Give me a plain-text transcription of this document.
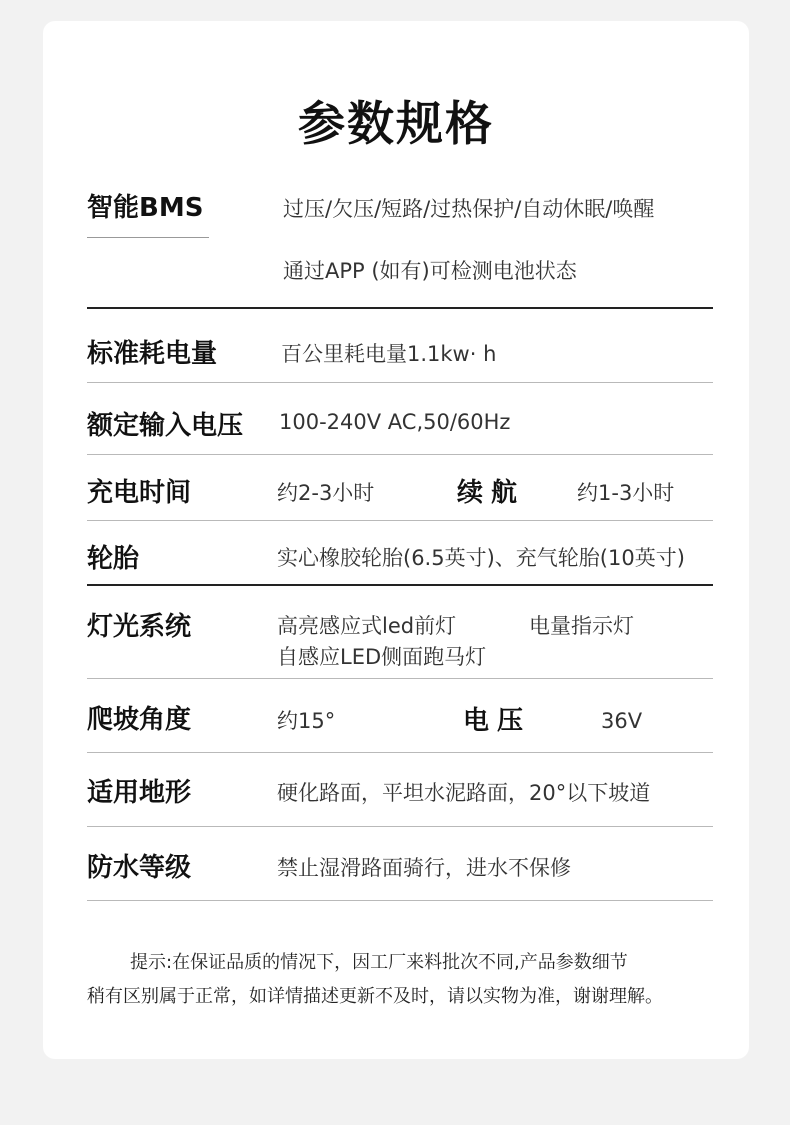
参数规格
智能BMS	过压/欠压/短路/过热保护/自动休眠/唤醒
通过APP (如有)可检测电池状态
标准耗电量	百公里耗电量1.1kw· h
额定输入电压 100-240V AC,50/60Hz
充电时间	约2-3小时	续航 约1-3小时
轮胎	实心橡胶轮胎(6.5英寸)、充气轮胎(10英寸)
灯光系统	高亮感应式led前灯	电量指示灯
自感应LED侧面跑马灯
爬坡角度	约15°	电压	36V
适用地形	硬化路面，平坦水泥路面，20°以下坡道
防水等级	禁止湿滑路面骑行，进水不保修
提示:在保证品质的情况下，因工厂来料批次不同,产品参数细节
稍有区别属于正常，如详情描述更新不及时，请以实物为准，谢谢理解。
